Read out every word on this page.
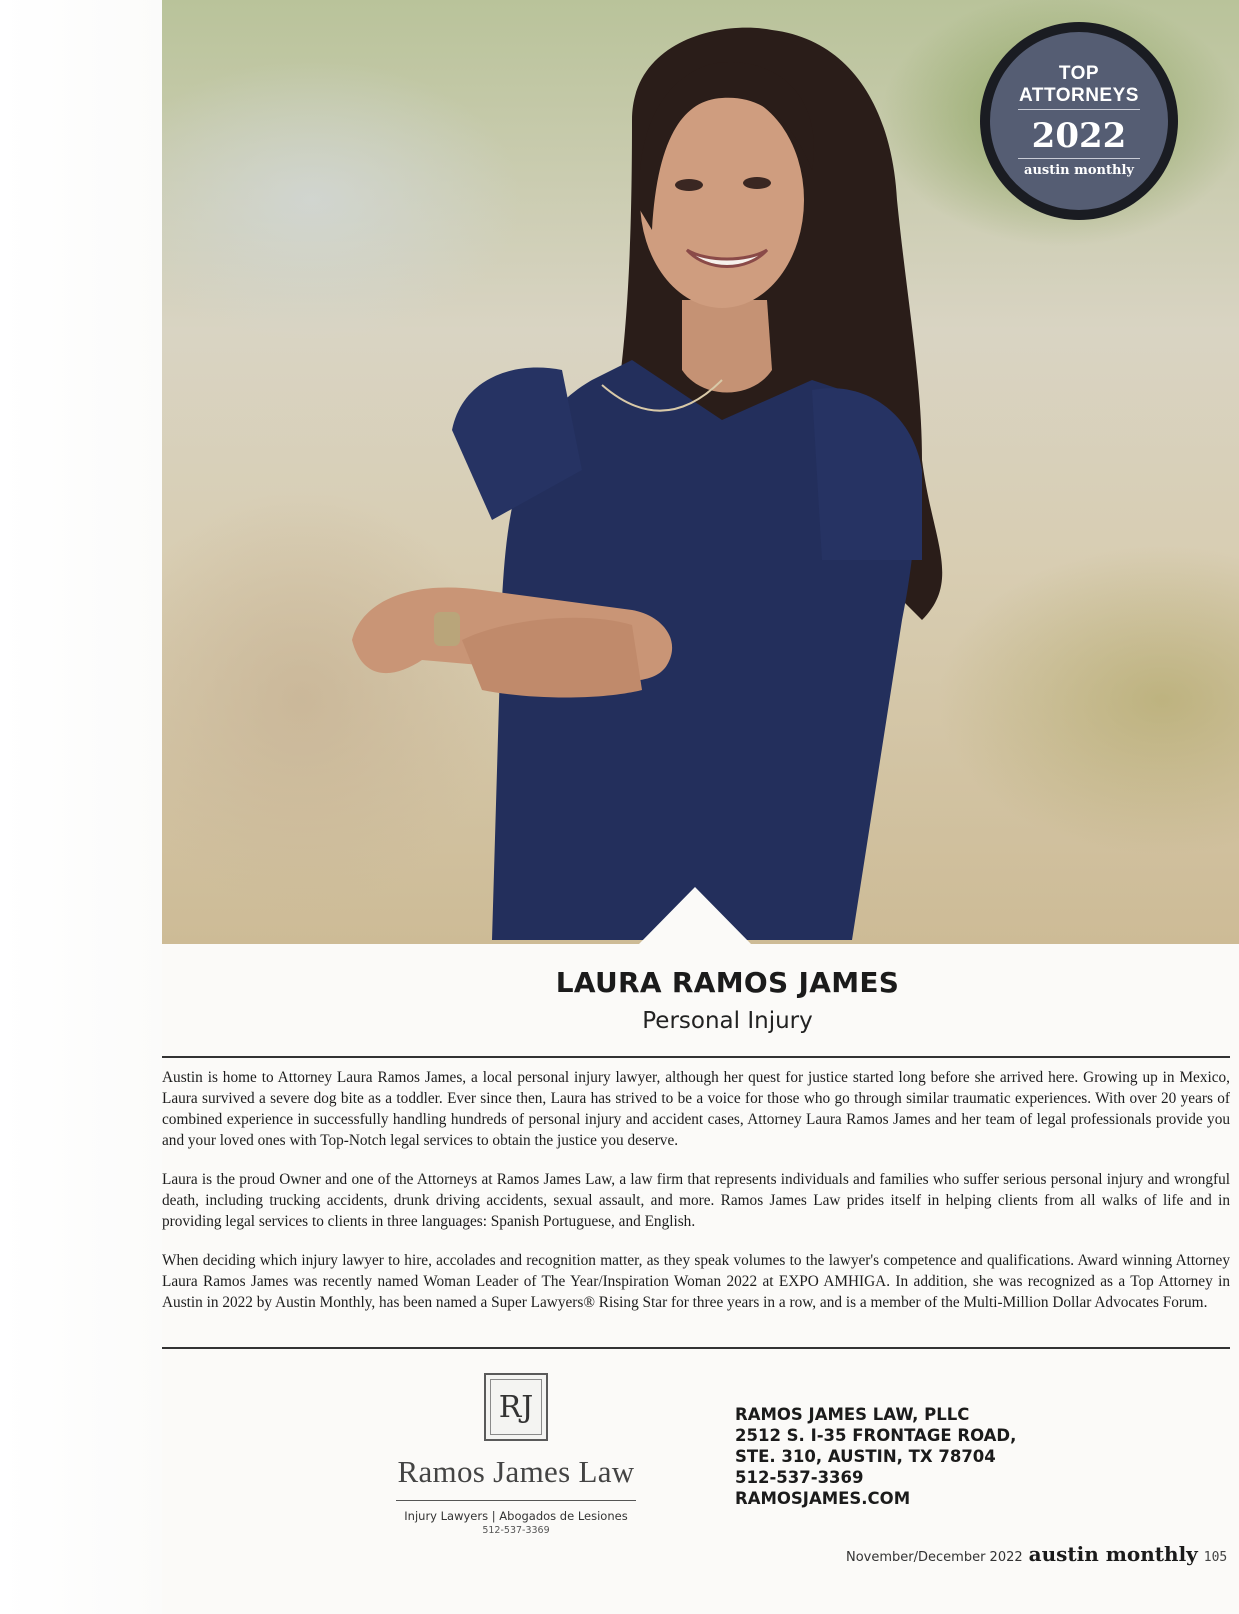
TOP
ATTORNEYS
2022
austin monthly
LAURA RAMOS JAMES
Personal Injury

Austin is home to Attorney Laura Ramos James, a local personal injury lawyer, although her quest for justice started long before she arrived here. Growing up in Mexico, Laura survived a severe dog bite as a toddler. Ever since then, Laura has strived to be a voice for those who go through similar traumatic experiences. With over 20 years of combined experience in successfully handling hundreds of personal injury and accident cases, Attorney Laura Ramos James and her team of legal professionals provide you and your loved ones with Top-Notch legal services to obtain the justice you deserve.

Laura is the proud Owner and one of the Attorneys at Ramos James Law, a law firm that represents individuals and families who suffer serious personal injury and wrongful death, including trucking accidents, drunk driving accidents, sexual assault, and more. Ramos James Law prides itself in helping clients from all walks of life and in providing legal services to clients in three languages: Spanish Portuguese, and English.

When deciding which injury lawyer to hire, accolades and recognition matter, as they speak volumes to the lawyer's competence and qualifications. Award winning Attorney Laura Ramos James was recently named Woman Leader of The Year/Inspiration Woman 2022 at EXPO AMHIGA. In addition, she was recognized as a Top Attorney in Austin in 2022 by Austin Monthly, has been named a Super Lawyers® Rising Star for three years in a row, and is a member of the Multi-Million Dollar Advocates Forum.

RJ
Ramos James Law
Injury Lawyers | Abogados de Lesiones
512-537-3369
RAMOS JAMES LAW, PLLC
2512 S. I-35 FRONTAGE ROAD,
STE. 310, AUSTIN, TX 78704
512-537-3369
RAMOSJAMES.COM
November/December 2022 austin monthly 105
